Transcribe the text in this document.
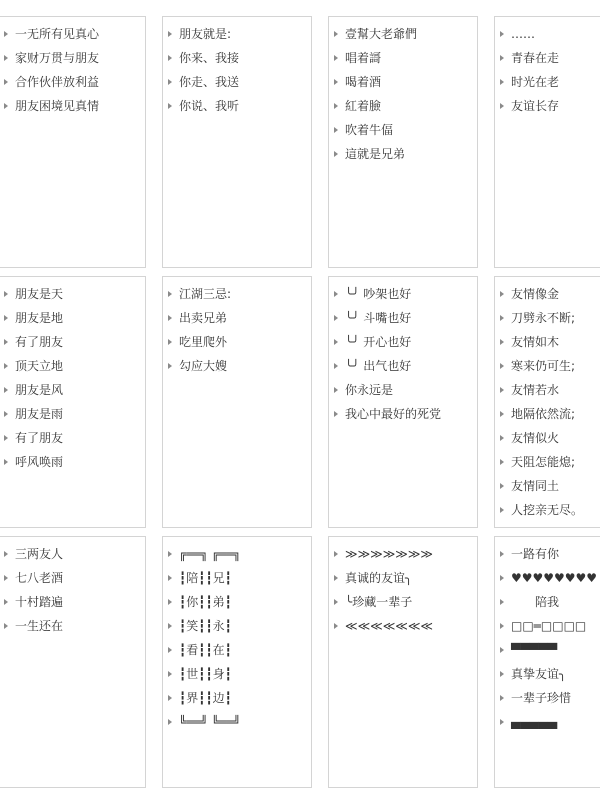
一无所有见真心
家财万贯与朋友
合作伙伴放利益
朋友困境见真情
朋友就是:
你来、我接
你走、我送
你说、我听
壹幫大老爺們
唱着謌
喝着酒
紅着臉
吹着牛偪
這就是兄弟
……
青春在走
时光在老
友谊长存
朋友是天
朋友是地
有了朋友
顶天立地
朋友是风
朋友是雨
有了朋友
呼风唤雨
江湖三忌:
出卖兄弟
吃里爬外
勾应大嫂
╰╯ 吵架也好
╰╯ 斗嘴也好
╰╯ 开心也好
╰╯ 出气也好
你永远是
我心中最好的死党
友情像金
刀劈永不断;
友情如木
寒来仍可生;
友情若水
地隔依然流;
友情似火
天阻怎能熄;
友情同土
人挖亲无尽。
三两友人
七八老酒
十村踏遍
一生还在
╔══╗ ╔══╗
┇陪┇┇兄┇
┇你┇┇弟┇
┇笑┇┇永┇
┇看┇┇在┇
┇世┇┇身┇
┇界┇┇边┇
╚══╝ ╚══╝
≫≫≫≫≫≫≫
真诚的友谊╮
╰珍藏一辈子
≪≪≪≪≪≪≪
一路有你
♥♥♥♥♥♥♥♥
　　陪我
□□═□□□□
▀▀▀▀▀
真挚友谊╮
一辈子珍惜
▄▄▄▄▄
